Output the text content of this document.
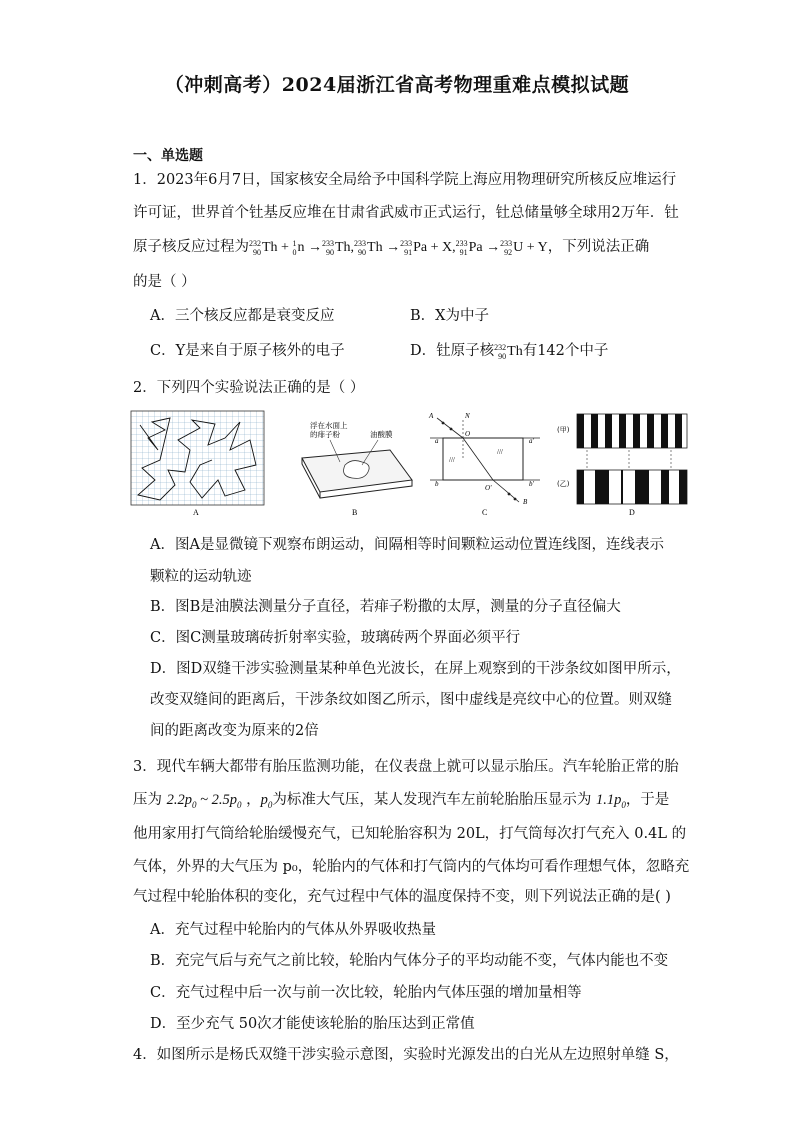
（冲刺高考）2024届浙江省高考物理重难点模拟试题
一、单选题
1．2023年6月7日，国家核安全局给予中国科学院上海应用物理研究所核反应堆运行
许可证，世界首个钍基反应堆在甘肃省武威市正式运行，钍总储量够全球用2万年．钍
原子核反应过程为232
90Th + 1
0n →233
90Th,233
90Th →233
91Pa + X,233
91Pa →233
92U + Y，下列说法正确
的是（ ）
A．三个核反应都是衰变反应	B．X为中子
C．Y是来自于原子核外的电子	D．钍原子核232
90Th有142个中子
2．下列四个实验说法正确的是（ ）
A
浮在水面上
的痱子粉	油酸膜
B
A	N
O
a	a'
b	b'
O'
B
///
///
C
(甲)
(乙)
D
A．图A是显微镜下观察布朗运动，间隔相等时间颗粒运动位置连线图，连线表示
颗粒的运动轨迹
B．图B是油膜法测量分子直径，若痱子粉撒的太厚，测量的分子直径偏大
C．图C测量玻璃砖折射率实验，玻璃砖两个界面必须平行
D．图D双缝干涉实验测量某种单色光波长，在屏上观察到的干涉条纹如图甲所示，
改变双缝间的距离后，干涉条纹如图乙所示，图中虚线是亮纹中心的位置。则双缝
间的距离改变为原来的2倍
3．现代车辆大都带有胎压监测功能，在仪表盘上就可以显示胎压。汽车轮胎正常的胎
压为 $2.2p_0$ ~ $2.5p_0$ ，$p_0$为标准大气压，某人发现汽车左前轮胎胎压显示为 $1.1p_0$，于是
他用家用打气筒给轮胎缓慢充气，已知轮胎容积为 20L，打气筒每次打气充入 0.4L 的
气体，外界的大气压为 p₀，轮胎内的气体和打气筒内的气体均可看作理想气体，忽略充
气过程中轮胎体积的变化，充气过程中气体的温度保持不变，则下列说法正确的是( )
A．充气过程中轮胎内的气体从外界吸收热量
B．充完气后与充气之前比较，轮胎内气体分子的平均动能不变，气体内能也不变
C．充气过程中后一次与前一次比较，轮胎内气体压强的增加量相等
D．至少充气 50次才能使该轮胎的胎压达到正常值
4．如图所示是杨氏双缝干涉实验示意图，实验时光源发出的白光从左边照射单缝 S，
